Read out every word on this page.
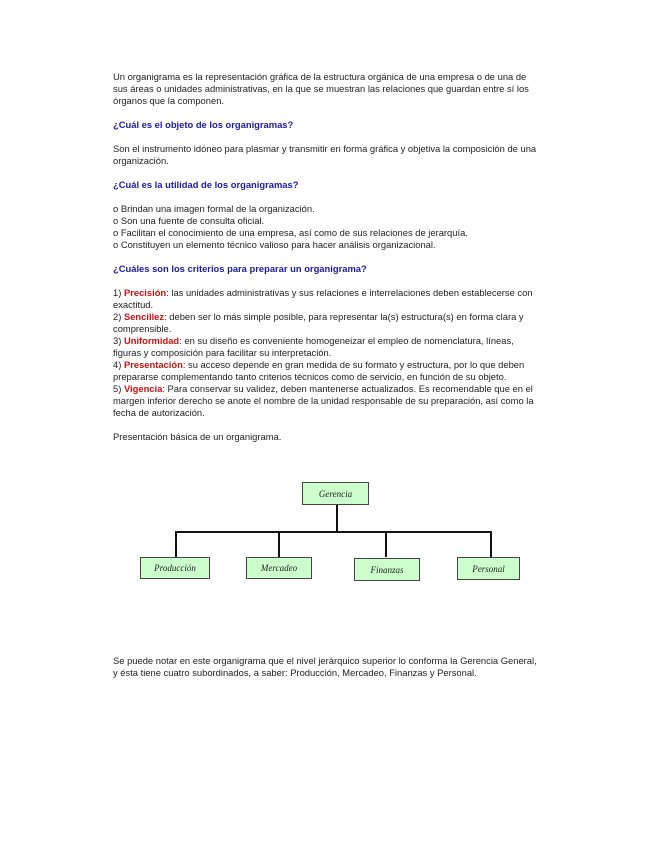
Un organigrama es la representación gráfica de la estructura orgánica de una empresa o de una de sus áreas o unidades administrativas, en la que se muestran las relaciones que guardan entre sí los órganos que la componen.

¿Cuál es el objeto de los organigramas?

Son el instrumento idóneo para plasmar y transmitir en forma gráfica y objetiva la composición de una organización.

¿Cuál es la utilidad de los organigramas?

o Brindan una imagen formal de la organización.

o Son una fuente de consulta oficial.

o Facilitan el conocimiento de una empresa, así como de sus relaciones de jerarquía.

o Constituyen un elemento técnico valioso para hacer análisis organizacional.

¿Cuáles son los criterios para preparar un organigrama?

1) Precisión: las unidades administrativas y sus relaciones e interrelaciones deben establecerse con exactitud.

2) Sencillez: deben ser lo más simple posible, para representar la(s) estructura(s) en forma clara y comprensible.

3) Uniformidad: en su diseño es conveniente homogeneizar el empleo de nomenclatura, líneas, figuras y composición para facilitar su interpretación.

4) Presentación: su acceso depende en gran medida de su formato y estructura, por lo que deben prepararse complementando tanto criterios técnicos como de servicio, en función de su objeto.

5) Vigencia: Para conservar su validez, deben mantenerse actualizados. Es recomendable que en el margen inferior derecho se anote el nombre de la unidad responsable de su preparación, así como la fecha de autorización.

Presentación básica de un organigrama.

Gerencia
Producción	Mercadeo	Finanzas	Personal
Se puede notar en este organigrama que el nivel jerárquico superior lo conforma la Gerencia General, y ésta tiene cuatro subordinados, a saber: Producción, Mercadeo, Finanzas y Personal.
